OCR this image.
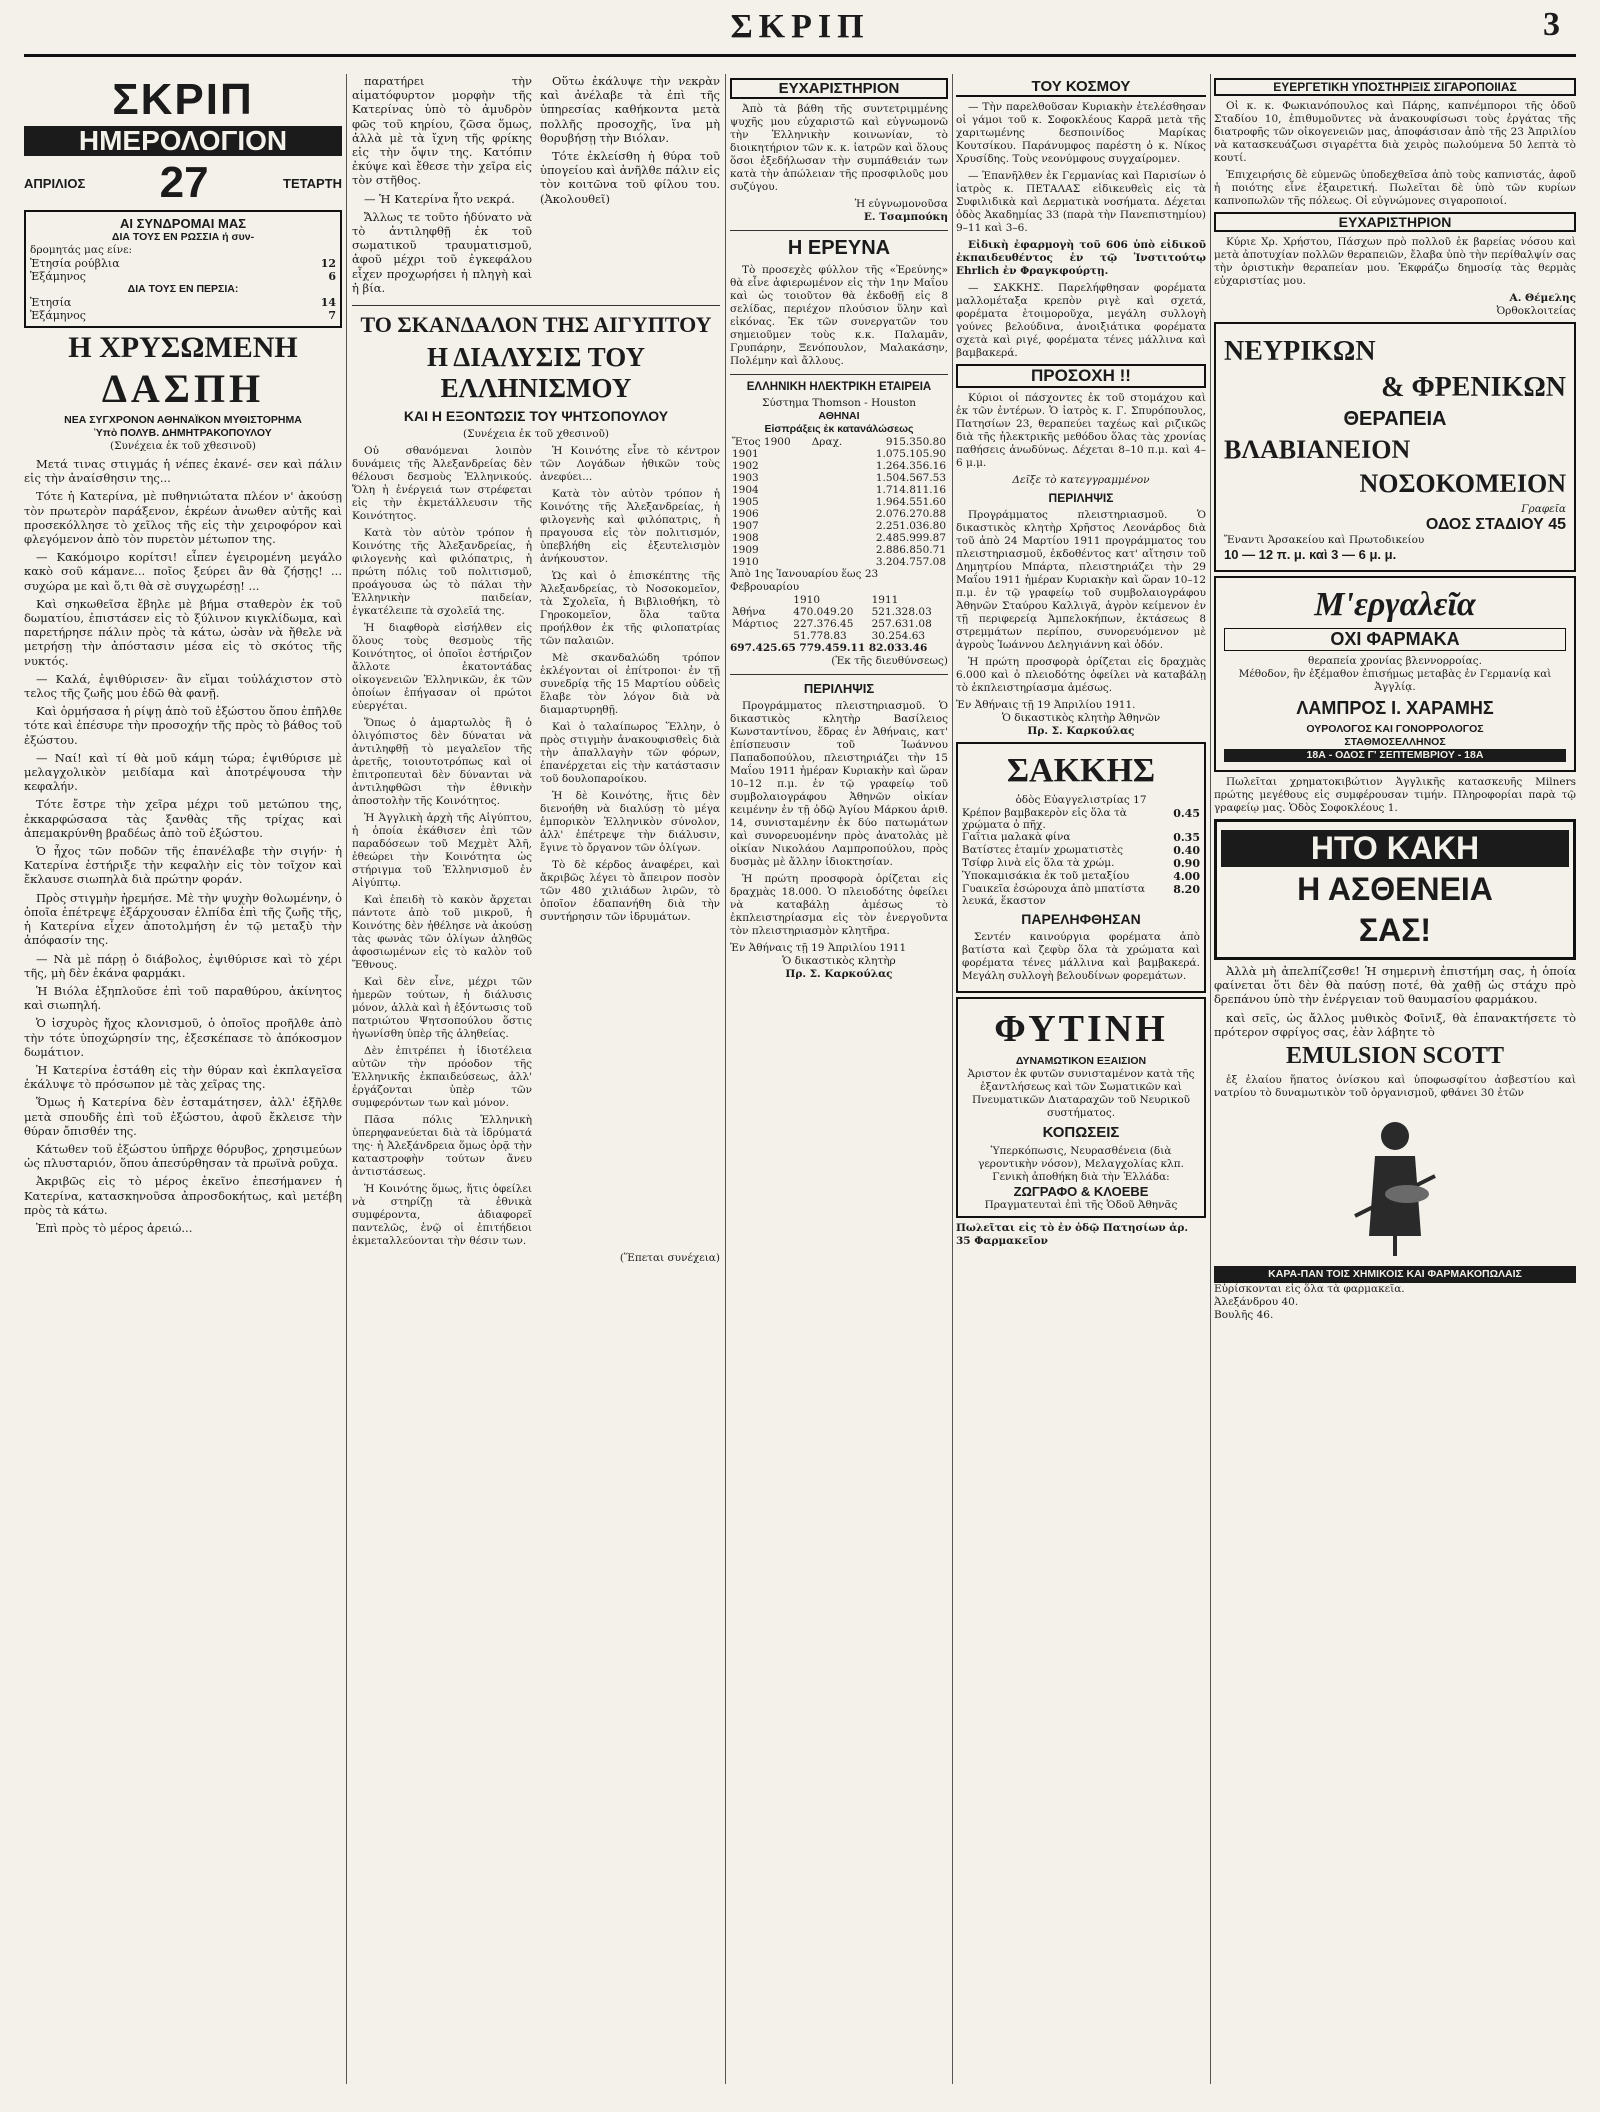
ΣΚΡΙΠ	3
ΣΚΡΙΠ
ΗΜΕΡΟΛΟΓΙΟΝ
ΑΠΡΙΛΙΟΣ 27	ΤΕΤΑΡΤΗ
ΑΙ ΣΥΝΔΡΟΜΑΙ ΜΑΣ
ΔΙΑ ΤΟΥΣ ΕΝ ΡΩΣΣΙΑ ή συν-
δρομητάς μας είνε:
Ἐτησία ρούβλια	12
Ἑξάμηνος	6
ΔΙΑ ΤΟΥΣ ΕΝ ΠΕΡΣΙΑ:
Ἐτησία	14
Ἑξάμηνος	7
Η ΧΡΥΣΩΜΕΝΗ
ΔΑΣΠΗ
ΝΕΑ ΣΥΓΧΡΟΝΟΝ ΑΘΗΝΑΪΚΟΝ ΜΥΘΙΣΤΟΡΗΜΑ
Ὑπὸ ΠΟΛΥΒ. ΔΗΜΗΤΡΑΚΟΠΟΥΛΟΥ
(Συνέχεια ἐκ τοῦ χθεσινοῦ)

Μετά τινας στιγμάς ἡ νέπες ἐκανέ- σεν καὶ πάλιν εἰς τὴν ἀναίσθησιν της...

Τότε ἡ Κατερίνα, μὲ πυθηνιώτατα πλέον ν' ἀκούσῃ τὸν πρωτερὸν παράξενον, ἐκρέων ἀνωθεν αὐτῆς καὶ προσεκόλλησε τὸ χεῖλος τῆς εἰς τὴν χειροφόρον καὶ φλεγόμενον ἀπὸ τὸν πυρετὸν μέτωπον της.

— Κακόμοιρο κορίτσι! εἶπεν ἐγειρομένη μεγάλο κακὸ σοῦ κάμανε... ποῖος ξεύρει ἂν θὰ ζήσῃς! ... συχώρα με καὶ ὅ,τι θὰ σὲ συγχωρέσῃ! ...

Καὶ σηκωθεῖσα ἔβηλε μὲ βήμα σταθερὸν ἐκ τοῦ δωματίου, ἐπιστάσεν εἰς τὸ ξύλινον κιγκλίδωμα, καὶ παρετήρησε πάλιν πρὸς τὰ κάτω, ὡσὰν νὰ ἤθελε νὰ μετρήσῃ τὴν ἀπόστασιν μέσα εἰς τὸ σκότος τῆς νυκτός.

— Καλά, ἐψιθύρισεν· ἂν εἴμαι τοὐλάχιστον στὸ τελος τῆς ζωῆς μου ἐδῶ θὰ φανῇ.

Καὶ ὁρμήσασα ἡ ρίψῃ ἀπὸ τοῦ ἐξώστου ὅπου ἐπῆλθε τότε καὶ ἐπέσυρε τὴν προσοχήν τῆς πρὸς τὸ βάθος τοῦ ἐξώστου.

— Ναί! καὶ τί θὰ μοῦ κάμη τώρα; ἐψιθύρισε μὲ μελαγχολικὸν μειδίαμα καὶ ἀποτρέψουσα τὴν κεφαλήν.

Τότε ἔστρε τὴν χεῖρα μέχρι τοῦ μετώπου της, ἐκκαρφώσασα τὰς ξανθὰς τῆς τρίχας καὶ ἀπεμακρύνθη βραδέως ἀπὸ τοῦ ἐξώστου.

Ὁ ἦχος τῶν ποδῶν τῆς ἐπανέλαβε τὴν σιγήν· ἡ Κατερίνα ἐστήριξε τὴν κεφαλὴν εἰς τὸν τοῖχον καὶ ἔκλαυσε σιωπηλὰ διὰ πρώτην φοράν.

Πρὸς στιγμὴν ἠρεμήσε. Μὲ τὴν ψυχὴν θολωμένην, ὁ ὁποῖα ἐπέτρεψε ἐξάρχουσαν ἐλπίδα ἐπὶ τῆς ζωῆς τῆς, ἡ Κατερίνα εἶχεν ἀποτολμήση ἐν τῷ μεταξὺ τὴν ἀπόφασίν της.

— Νὰ μὲ πάρῃ ὁ διάβολος, ἐψιθύρισε καὶ τὸ χέρι τῆς, μὴ δὲν ἐκάνα φαρμάκι.

Ἡ Βιόλα ἐξηπλοῦσε ἐπὶ τοῦ παραθύρου, ἀκίνητος καὶ σιωπηλή.

Ὁ ἰσχυρὸς ἤχος κλονισμοῦ, ὁ ὁποῖος προῆλθε ἀπὸ τὴν τότε ὑποχώρησίν της, ἐξεσκέπασε τὸ ἀπόκοσμον δωμάτιον.

Ἡ Κατερίνα ἐστάθη εἰς τὴν θύραν καὶ ἐκπλαγεῖσα ἐκάλυψε τὸ πρόσωπον μὲ τὰς χεῖρας της.

Ὅμως ἡ Κατερίνα δὲν ἐσταμάτησεν, ἀλλ' ἐξῆλθε μετὰ σπουδῆς ἐπὶ τοῦ ἐξώστου, ἀφοῦ ἔκλεισε τὴν θύραν ὄπισθέν της.

Κάτωθεν τοῦ ἐξώστου ὑπῆρχε θόρυβος, χρησιμεύων ὡς πλυσταριόν, ὅπου ἀπεσύρθησαν τὰ πρωϊνὰ ροῦχα.

Ἀκριβῶς εἰς τὸ μέρος ἐκεῖνο ἐπεσήμανεν ἡ Κατερίνα, κατασκηνοῦσα ἀπροσδοκήτως, καὶ μετέβη πρὸς τὰ κάτω.

Ἐπὶ πρὸς τὸ μέρος ἀρειώ...

παρατήρει τὴν αἱματόφυρτον μορφὴν τῆς Κατερίνας ὑπὸ τὸ ἀμυδρὸν φῶς τοῦ κηρίου, ζῶσα ὅμως, ἀλλὰ μὲ τὰ ἴχνη τῆς φρίκης εἰς τὴν ὄψιν της. Κατόπιν ἐκύψε καὶ ἔθεσε τὴν χεῖρα εἰς τὸν στῆθος.

— Ἡ Κατερίνα ἦτο νεκρά.

Ἄλλως τε τοῦτο ἠδύνατο νὰ τὸ ἀντιληφθῇ ἐκ τοῦ σωματικοῦ τραυματισμοῦ, ἀφοῦ μέχρι τοῦ ἐγκεφάλου εἶχεν προχωρήσει ἡ πληγὴ καὶ ἡ βία.

Οὕτω ἐκάλυψε τὴν νεκρὰν καὶ ἀνέλαβε τὰ ἐπὶ τῆς ὑπηρεσίας καθήκοντα μετὰ πολλῆς προσοχῆς, ἵνα μὴ θορυβήσῃ τὴν Βιόλαν.

Τότε ἐκλείσθη ἡ θύρα τοῦ ὑπογείου καὶ ἀνῆλθε πάλιν εἰς τὸν κοιτῶνα τοῦ φίλου του. (Ἀκολουθεῖ)

ΤΟ ΣΚΑΝΔΑΛΟΝ ΤΗΣ ΑΙΓΥΠΤΟΥ
Η ΔΙΑΛΥΣΙΣ ΤΟΥ ΕΛΛΗΝΙΣΜΟΥ
ΚΑΙ Η ΕΞΟΝΤΩΣΙΣ ΤΟΥ ΨΗΤΣΟΠΟΥΛΟΥ
(Συνέχεια ἐκ τοῦ χθεσινοῦ)

Οὐ σθανόμεναι λοιπὸν δυνάμεις τῆς Ἀλεξανδρείας δὲν θέλουσι δεσμοὺς Ἑλληνικούς. Ὅλη ἡ ἐνέργειά των στρέφεται εἰς τὴν ἐκμετάλλευσιν τῆς Κοινότητος.

Κατὰ τὸν αὐτὸν τρόπον ἡ Κοινότης τῆς Ἀλεξανδρείας, ἡ φιλογενὴς καὶ φιλόπατρις, ἡ πρώτη πόλις τοῦ πολιτισμοῦ, προάγουσα ὡς τὸ πάλαι τὴν Ἑλληνικὴν παιδείαν, ἐγκατέλειπε τὰ σχολεῖά της.

Ἡ διαφθορὰ εἰσήλθεν εἰς ὅλους τοὺς θεσμοὺς τῆς Κοινότητος, οἱ ὁποῖοι ἐστήριζον ἄλλοτε ἑκατοντάδας οἰκογενειῶν Ἑλληνικῶν, ἐκ τῶν ὁποίων ἐπήγασαν οἱ πρώτοι εὐεργέται.

Ὅπως ὁ ἀμαρτωλὸς ἢ ὁ ὀλιγόπιστος δὲν δύναται νὰ ἀντιληφθῇ τὸ μεγαλεῖον τῆς ἀρετῆς, τοιουτοτρόπως καὶ οἱ ἐπιτροπευταὶ δὲν δύνανται νὰ ἀντιληφθῶσι τὴν ἐθνικὴν ἀποστολὴν τῆς Κοινότητος.

Ἡ Ἀγγλικὴ ἀρχὴ τῆς Αἰγύπτου, ἡ ὁποία ἐκάθισεν ἐπὶ τῶν παραδόσεων τοῦ Μεχμὲτ Ἀλῆ, ἐθεώρει τὴν Κοινότητα ὡς στήριγμα τοῦ Ἑλληνισμοῦ ἐν Αἰγύπτῳ.

Καὶ ἐπειδὴ τὸ κακὸν ἄρχεται πάντοτε ἀπὸ τοῦ μικροῦ, ἡ Κοινότης δὲν ἠθέλησε νὰ ἀκούσῃ τὰς φωνὰς τῶν ὀλίγων ἀληθῶς ἀφοσιωμένων εἰς τὸ καλὸν τοῦ Ἔθνους.

Καὶ δὲν εἶνε, μέχρι τῶν ἡμερῶν τούτων, ἡ διάλυσις μόνον, ἀλλὰ καὶ ἡ ἐξόντωσις τοῦ πατριώτου Ψητσοπούλου ὅστις ἠγωνίσθη ὑπὲρ τῆς ἀληθείας.

Δὲν ἐπιτρέπει ἡ ἰδιοτέλεια αὐτῶν τὴν πρόοδον τῆς Ἑλληνικῆς ἐκπαιδεύσεως, ἀλλ' ἐργάζονται ὑπὲρ τῶν συμφερόντων των καὶ μόνον.

Πᾶσα πόλις Ἑλληνικὴ ὑπερηφανεύεται διὰ τὰ ἱδρύματά της· ἡ Ἀλεξάνδρεια ὅμως ὁρᾷ τὴν καταστροφὴν τούτων ἄνευ ἀντιστάσεως.

Ἡ Κοινότης ὅμως, ἥτις ὀφείλει νὰ στηρίζῃ τὰ ἐθνικὰ συμφέροντα, ἀδιαφορεῖ παντελῶς, ἐνῷ οἱ ἐπιτήδειοι ἐκμεταλλεύονται τὴν θέσιν των.

Ἡ Κοινότης εἶνε τὸ κέντρον τῶν Λογάδων ἠθικῶν τοὺς ἀνεφύει...

Κατὰ τὸν αὐτὸν τρόπον ἡ Κοινότης τῆς Ἀλεξανδρείας, ἡ φιλογενὴς καὶ φιλόπατρις, ἡ πραγουσα εἰς τὸν πολιτισμόν, ὑπεβλήθη εἰς ἐξευτελισμὸν ἀνήκουστον.

Ὡς καὶ ὁ ἐπισκέπτης τῆς Ἀλεξανδρείας, τὸ Νοσοκομεῖον, τὰ Σχολεῖα, ἡ Βιβλιοθήκη, τὸ Γηροκομεῖον, ὅλα ταῦτα προήλθον ἐκ τῆς φιλοπατρίας τῶν παλαιῶν.

Μὲ σκανδαλώδη τρόπον ἐκλέγονται οἱ ἐπίτροποι· ἐν τῇ συνεδρίᾳ τῆς 15 Μαρτίου οὐδεὶς ἔλαβε τὸν λόγον διὰ νὰ διαμαρτυρηθῇ.

Καὶ ὁ ταλαίπωρος Ἕλλην, ὁ πρὸς στιγμὴν ἀνακουφισθεὶς διὰ τὴν ἀπαλλαγὴν τῶν φόρων, ἐπανέρχεται εἰς τὴν κατάστασιν τοῦ δουλοπαροίκου.

Ἡ δὲ Κοινότης, ἥτις δὲν διενοήθη νὰ διαλύσῃ τὸ μέγα ἐμπορικὸν Ἑλληνικὸν σύνολον, ἀλλ' ἐπέτρεψε τὴν διάλυσιν, ἔγινε τὸ ὄργανον τῶν ὀλίγων.

Τὸ δὲ κέρδος ἀναφέρει, καὶ ἄκριβῶς λέγει τὸ ἄπειρον ποσὸν τῶν 480 χιλιάδων λιρῶν, τὸ ὁποῖον ἐδαπανήθη διὰ τὴν συντήρησιν τῶν ἱδρυμάτων.

(Ἕπεται συνέχεια)
ΕΥΧΑΡΙΣΤΗΡΙΟΝ

Ἀπὸ τὰ βάθη τῆς συντετριμμένης ψυχῆς μου εὐχαριστῶ καὶ εὐγνωμονῶ τὴν Ἑλληνικὴν κοινωνίαν, τὸ διοικητήριον τῶν κ. κ. ἰατρῶν καὶ ὅλους ὅσοι ἐξεδήλωσαν τὴν συμπάθειάν των κατὰ τὴν ἀπώλειαν τῆς προσφιλοῦς μου συζύγου.

Ἡ εὐγνωμονοῦσα
Ε. Τσαμπούκη
Η ΕΡΕΥΝΑ

Τὸ προσεχὲς φύλλον τῆς «Ἐρεύνης» θὰ εἶνε ἀφιερωμένον εἰς τὴν 1ην Μαΐου καὶ ὡς τοιοῦτον θὰ ἐκδοθῇ εἰς 8 σελίδας, περιέχον πλούσιον ὕλην καὶ εἰκόνας. Ἐκ τῶν συνεργατῶν του σημειοῦμεν τοὺς κ.κ. Παλαμᾶν, Γρυπάρην, Ξενόπουλον, Μαλακάσην, Πολέμην καὶ ἄλλους.

ΕΛΛΗΝΙΚΗ ΗΛΕΚΤΡΙΚΗ ΕΤΑΙΡΕΙΑ
Σύστημα Thomson - Houston
ΑΘΗΝΑΙ
Εἰσπράξεις ἐκ κατανάλώσεως
Ἔτος 1900	Δραχ.	915.350.80
1901		1.075.105.90
1902		1.264.356.16
1903		1.504.567.53
1904		1.714.811.16
1905		1.964.551.60
1906		2.076.270.88
1907		2.251.036.80
1908		2.485.999.87
1909		2.886.850.71
1910		3.204.757.08
Ἀπὸ 1ης Ἰανουαρίου ἕως 23 Φεβρουαρίου
	1910	1911
Ἀθήνα	470.049.20	521.328.03
Μάρτιος	227.376.45	257.631.08
	51.778.83	30.254.63
697.425.65 779.459.11 82.033.46
(Ἐκ τῆς διευθύνσεως)
ΠΕΡΙΛΗΨΙΣ

Προγράμματος πλειστηριασμοῦ. Ὁ δικαστικὸς κλητὴρ Βασίλειος Κωνσταντίνου, ἕδρας ἐν Ἀθήναις, κατ' ἐπίσπευσιν τοῦ Ἰωάννου Παπαδοπούλου, πλειστηριάζει τὴν 15 Μαΐου 1911 ἡμέραν Κυριακὴν καὶ ὥραν 10–12 π.μ. ἐν τῷ γραφείῳ τοῦ συμβολαιογράφου Ἀθηνῶν οἰκίαν κειμένην ἐν τῇ ὁδῷ Ἀγίου Μάρκου ἀριθ. 14, συνισταμένην ἐκ δύο πατωμάτων καὶ συνορευομένην πρὸς ἀνατολὰς μὲ οἰκίαν Νικολάου Λαμπροπούλου, πρὸς δυσμὰς μὲ ἄλλην ἰδιοκτησίαν.

Ἡ πρώτη προσφορὰ ὁρίζεται εἰς δραχμὰς 18.000. Ὁ πλειοδότης ὀφείλει νὰ καταβάλῃ ἀμέσως τὸ ἐκπλειστηρίασμα εἰς τὸν ἐνεργοῦντα τὸν πλειστηριασμὸν κλητῆρα.

Ἐν Ἀθήναις τῇ 19 Ἀπριλίου 1911
Ὁ δικαστικὸς κλητὴρ
Πρ. Σ. Καρκούλας
ΤΟΥ ΚΟΣΜΟΥ

— Τὴν παρελθοῦσαν Κυριακὴν ἐτελέσθησαν οἱ γάμοι τοῦ κ. Σοφοκλέους Καρρᾶ μετὰ τῆς χαριτωμένης δεσποινίδος Μαρίκας Κουτσίκου. Παράνυμφος παρέστη ὁ κ. Νίκος Χρυσίδης. Τοὺς νεονύμφους συγχαίρομεν.

— Ἐπανῆλθεν ἐκ Γερμανίας καὶ Παρισίων ὁ ἰατρὸς κ. ΠΕΤΑΛΑΣ εἰδικευθεὶς εἰς τὰ Συφιλιδικὰ καὶ Δερματικὰ νοσήματα. Δέχεται ὁδὸς Ἀκαδημίας 33 (παρὰ τὴν Πανεπιστημίου) 9–11 καὶ 3–6.

Εἰδικὴ ἐφαρμογὴ τοῦ 606 ὑπὸ εἰδικοῦ ἐκπαιδευθέντος ἐν τῷ Ἰνστιτούτῳ Ehrlich ἐν Φραγκφούρτῃ.

— ΣΑΚΚΗΣ. Παρελήφθησαν φορέματα μαλλομέταξα κρεπὸν ριγὲ καὶ σχετά, φορέματα ἑτοιμοροῦχα, μεγάλη συλλογὴ γούνες βελούδινα, ἀνοιξιάτικα φορέματα σχετὰ καὶ ριγέ, φορέματα τένες μάλλινα καὶ βαμβακερά.

ΠΡΟΣΟΧΗ !!

Κύριοι οἱ πάσχοντες ἐκ τοῦ στομάχου καὶ ἐκ τῶν ἐντέρων. Ὁ ἰατρὸς κ. Γ. Σπυρόπουλος, Πατησίων 23, θεραπεύει ταχέως καὶ ριζικῶς διὰ τῆς ἠλεκτρικῆς μεθόδου ὅλας τὰς χρονίας παθήσεις ἀνωδύνως. Δέχεται 8–10 π.μ. καὶ 4–6 μ.μ.

Δεῖξε τὸ κατεγγραμμένον
ΠΕΡΙΛΗΨΙΣ

Προγράμματος πλειστηριασμοῦ. Ὁ δικαστικὸς κλητὴρ Χρῆστος Λεονάρδος διὰ τοῦ ἀπὸ 24 Μαρτίου 1911 προγράμματος του πλειστηριασμοῦ, ἐκδοθέντος κατ' αἴτησιν τοῦ Δημητρίου Μπάρτα, πλειστηριάζει τὴν 29 Μαΐου 1911 ἡμέραν Κυριακὴν καὶ ὥραν 10–12 π.μ. ἐν τῷ γραφείῳ τοῦ συμβολαιογράφου Ἀθηνῶν Σταύρου Καλλιγᾶ, ἀγρὸν κείμενον ἐν τῇ περιφερείᾳ Ἀμπελοκήπων, ἐκτάσεως 8 στρεμμάτων περίπου, συνορευόμενον μὲ ἀγροὺς Ἰωάννου Δεληγιάννη καὶ ὁδόν.

Ἡ πρώτη προσφορὰ ὁρίζεται εἰς δραχμὰς 6.000 καὶ ὁ πλειοδότης ὀφείλει νὰ καταβάλῃ τὸ ἐκπλειστηρίασμα ἀμέσως.

Ἐν Ἀθήναις τῇ 19 Ἀπριλίου 1911.
Ὁ δικαστικὸς κλητὴρ Ἀθηνῶν
Πρ. Σ. Καρκούλας
ΣΑΚΚΗΣ
ὁδὸς Εὐαγγελιστρίας 17
Κρέπον βαμβακερὸν εἰς ὅλα τὰ χρώματα ὁ πῆχ.
0.45
Γαΐτια μαλακὰ φίνα	0.35
Βατίστες ἐταμίν χρωματιστὲς	0.40
Τσίφρ λινὰ εἰς ὅλα τὰ χρώμ.	0.90
Ὑποκαμισάκια ἐκ τοῦ μεταξίου	4.00
Γυαικεῖα ἐσώρουχα ἀπὸ μπατίστα λευκά, ἕκαστον
8.20
ΠΑΡΕΛΗΦΘΗΣΑΝ

Σεντέν καινούργια φορέματα ἀπὸ βατίστα καὶ ζεφὺρ ὅλα τὰ χρώματα καὶ φορέματα τένες μάλλινα καὶ βαμβακερά. Μεγάλη συλλογὴ βελουδίνων φορεμάτων.

ΦΥΤΙΝΗ
ΔΥΝΑΜΩΤΙΚΟΝ ΕΞΑΙΣΙΟΝ

Ἀριστον ἐκ φυτῶν συνισταμένον κατὰ τῆς ἐξαντλήσεως καὶ τῶν Σωματικῶν καὶ Πνευματικῶν Διαταραχῶν τοῦ Νευρικοῦ συστήματος.

ΚΟΠΩΣΕΙΣ
Ὑπερκόπωσις, Νευρασθένεια (διὰ γεροντικὴν νόσον), Μελαγχολίας κλπ.
Γενικὴ ἀποθήκη διὰ τὴν Ἑλλάδα:
ΖΩΓΡΑΦΟ & ΚΛΟΕΒΕ
Πραγματευταὶ ἐπὶ τῆς Ὁδοῦ Ἀθηνᾶς
Πωλεῖται εἰς τὸ ἐν ὁδῷ Πατησίων ἀρ. 35 Φαρμακεῖον
ΕΥΕΡΓΕΤΙΚΗ ΥΠΟΣΤΗΡΙΞΙΣ ΣΙΓΑΡΟΠΟΙΙΑΣ

Οἱ κ. κ. Φωκιανόπουλος καὶ Πάρης, καπνέμποροι τῆς ὁδοῦ Σταδίου 10, ἐπιθυμοῦντες νὰ ἀνακουφίσωσι τοὺς ἐργάτας τῆς διατροφῆς τῶν οἰκογενειῶν μας, ἀποφάσισαν ἀπὸ τῆς 23 Ἀπριλίου νὰ κατασκευάζωσι σιγαρέττα διὰ χειρὸς πωλούμενα 50 λεπτὰ τὸ κουτί.

Ἐπιχειρήσις δὲ εὐμενῶς ὑποδεχθεῖσα ἀπὸ τοὺς καπνιστάς, ἀφοῦ ἡ ποιότης εἶνε ἐξαιρετική. Πωλεῖται δὲ ὑπὸ τῶν κυρίων καπνοπωλῶν τῆς πόλεως. Οἱ εὐγνώμονες σιγαροποιοί.

ΕΥΧΑΡΙΣΤΗΡΙΟΝ

Κύριε Χρ. Χρήστου, Πάσχων πρὸ πολλοῦ ἐκ βαρείας νόσου καὶ μετὰ ἀποτυχίαν πολλῶν θεραπειῶν, ἔλαβα ὑπὸ τὴν περίθαλψίν σας τὴν ὁριστικὴν θεραπείαν μου. Ἐκφράζω δημοσίᾳ τὰς θερμὰς εὐχαριστίας μου.

Α. Θέμελης
Ὀρθοκλοιτείας
ΝΕΥΡΙΚΩΝ
& ΦΡΕΝΙΚΩΝ
ΘΕΡΑΠΕΙΑ
ΒΛΑΒΙΑΝΕΙΟΝ
ΝΟΣΟΚΟΜΕΙΟΝ
Γραφεῖα
ΟΔΟΣ ΣΤΑΔΙΟΥ 45
Ἔναντι Ἀρσακείου καὶ Πρωτοδικείου
10 — 12 π. μ. καὶ 3 — 6 μ. μ.
Μ'εργαλεῖα
ΟΧΙ ΦΑΡΜΑΚΑ
θεραπεία χρονίας βλεννορροίας.

Μέθοδον, ἣν ἐξέμαθον ἐπισήμως μεταβὰς ἐν Γερμανίᾳ καὶ Ἀγγλίᾳ.

ΛΑΜΠΡΟΣ Ι. ΧΑΡΑΜΗΣ
ΟΥΡΟΛΟΓΟΣ ΚΑΙ ΓΟΝΟΡΡΟΛΟΓΟΣ
ΣΤΑΘΜΟΣΕΛΛΗΝΟΣ
18Α - ΟΔΟΣ Γ' ΣΕΠΤΕΜΒΡΙΟΥ - 18Α

Πωλεῖται χρηματοκιβώτιον Ἀγγλικῆς κατασκευῆς Milners πρώτης μεγέθους εἰς συμφέρουσαν τιμήν. Πληροφορίαι παρὰ τῷ γραφείῳ μας. Ὁδὸς Σοφοκλέους 1.

ΗΤΟ ΚΑΚΗ
Η ΑΣΘΕΝΕΙΑ
ΣΑΣ!

Ἀλλὰ μὴ ἀπελπίζεσθε! Ἡ σημερινὴ ἐπιστήμη σας, ἡ ὁποία φαίνεται ὅτι δὲν θὰ παύσῃ ποτέ, θὰ χαθῇ ὡς στάχυ πρὸ δρεπάνου ὑπὸ τὴν ἐνέργειαν τοῦ θαυμασίου φαρμάκου.

καὶ σεῖς, ὡς ἄλλος μυθικὸς Φοῖνιξ, θὰ ἐπανακτήσετε τὸ πρότερον σφρίγος σας, ἐὰν λάβητε τὸ

EMULSION SCOTT

ἐξ ἐλαίου ἥπατος ὀνίσκου καὶ ὑποφωσφίτου ἀσβεστίου καὶ νατρίου τὸ δυναμωτικὸν τοῦ ὀργανισμοῦ, φθάνει 30 ἐτῶν

ΚΑΡΑ-ΠΑΝ ΤΟΙΣ ΧΗΜΙΚΟΙΣ ΚΑΙ ΦΑΡΜΑΚΟΠΩΛΑΙΣ
Εὑρίσκονται εἰς ὅλα τὰ φαρμακεῖα.
Ἀλεξάνδρου 40.
Βουλῆς 46.
